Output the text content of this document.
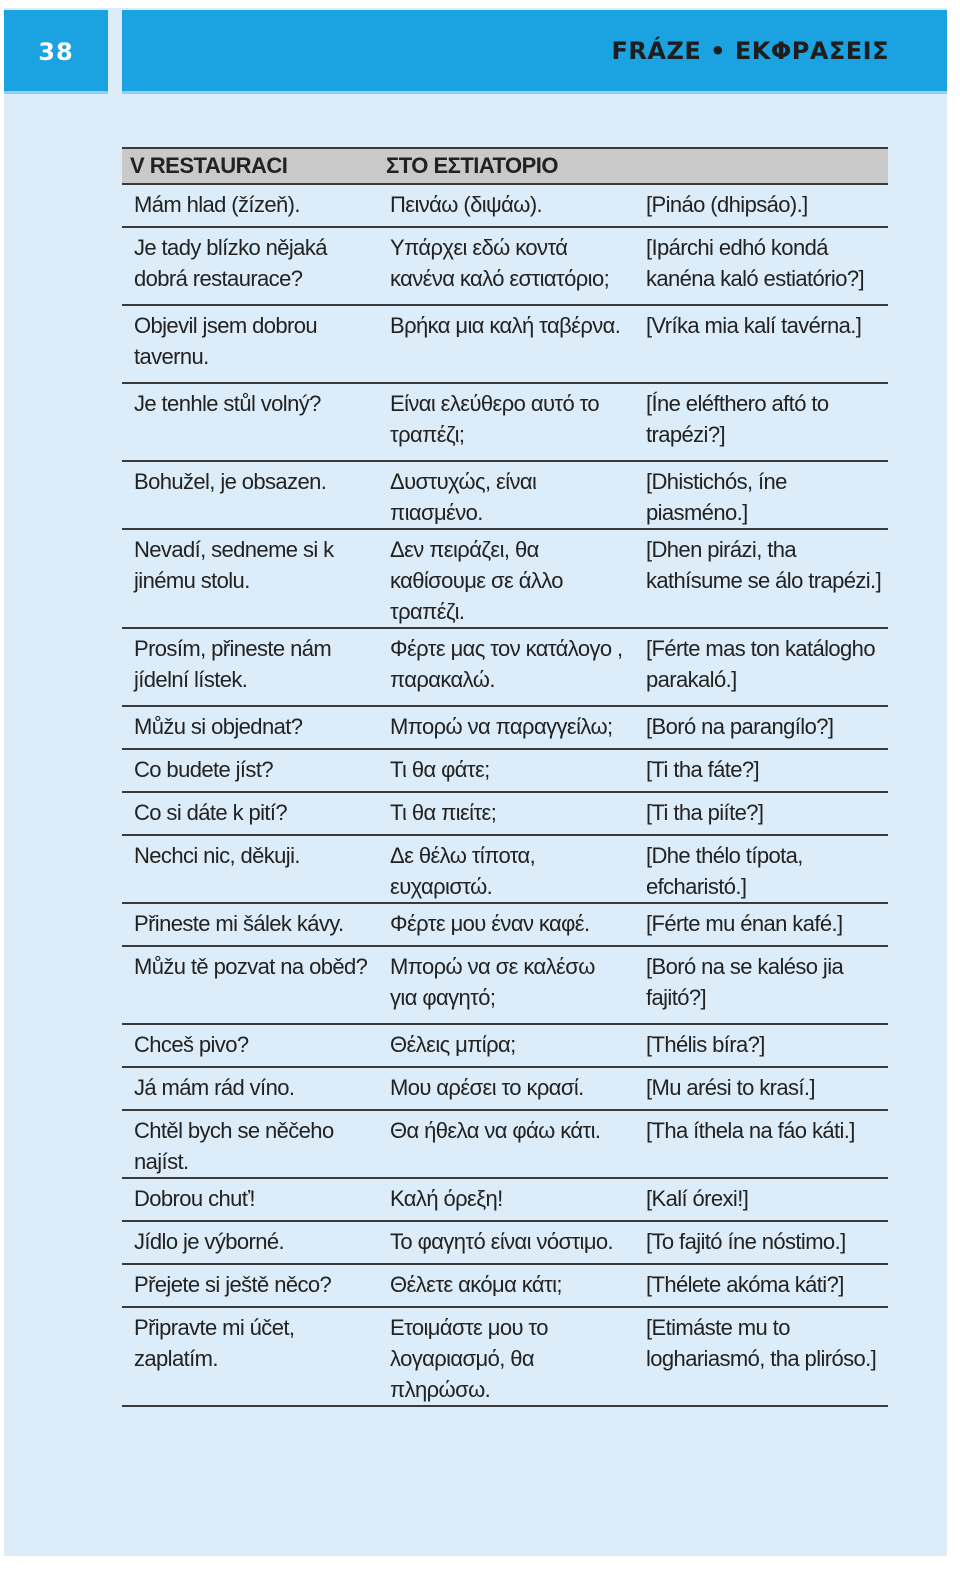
38	FRÁZE • ΕΚΦΡΑΣΕΙΣ
V RESTAURACI	ΣΤΟ ΕΣΤΙΑΤΟΡΙΟ	
Mám hlad (žízeň).	Πεινάω (διψάω).	[Pináo (dhipsáo).]
Je tady blízko nějaká dobrá restaurace?	Υπάρχει εδώ κοντά κανένα καλό εστιατόριο;	[Ipárchi edhó kondá kanéna kaló estiatório?]
Objevil jsem dobrou tavernu.	Βρήκα μια καλή ταβέρνα.	[Vríka mia kalí tavérna.]
Je tenhle stůl volný?	Είναι ελεύθερο αυτό το τραπέζι;	[Íne eléfthero aftó to trapézi?]
Bohužel, je obsazen.	Δυστυχώς, είναι πιασμένο.	[Dhistichós, íne piasméno.]
Nevadí, sedneme si k jinému stolu.	Δεν πειράζει, θα καθίσουμε σε άλλο τραπέζι.	[Dhen pirázi, tha kathísume se álo trapézi.]
Prosím, přineste nám jídelní lístek.	Φέρτε μας τον κατάλογο , παρακαλώ.	[Férte mas ton katálogho parakaló.]
Můžu si objednat?	Μπορώ να παραγγείλω;	[Boró na parangílo?]
Co budete jíst?	Τι θα φάτε;	[Ti tha fáte?]
Co si dáte k pití?	Τι θα πιείτε;	[Ti tha piíte?]
Nechci nic, děkuji.	Δε θέλω τίποτα, ευχαριστώ.	[Dhe thélo típota, efcharistó.]
Přineste mi šálek kávy.	Φέρτε μου έναν καφέ.	[Férte mu énan kafé.]
Můžu tě pozvat na oběd?	Μπορώ να σε καλέσω για φαγητό;	[Boró na se kaléso jia fajitó?]
Chceš pivo?	Θέλεις μπίρα;	[Thélis bíra?]
Já mám rád víno.	Μου αρέσει το κρασί.	[Mu arési to krasí.]
Chtěl bych se něčeho najíst.	Θα ήθελα να φάω κάτι.	[Tha íthela na fáo káti.]
Dobrou chuť!	Καλή όρεξη!	[Kalí órexi!]
Jídlo je výborné.	Το φαγητό είναι νόστιμο.	[To fajitó íne nóstimo.]
Přejete si ještě něco?	Θέλετε ακόμα κάτι;	[Thélete akóma káti?]
Připravte mi účet, zaplatím.	Ετοιμάστε μου το λογαριασμό, θα πληρώσω.	[Etimáste mu to loghariasmó, tha pliróso.]
